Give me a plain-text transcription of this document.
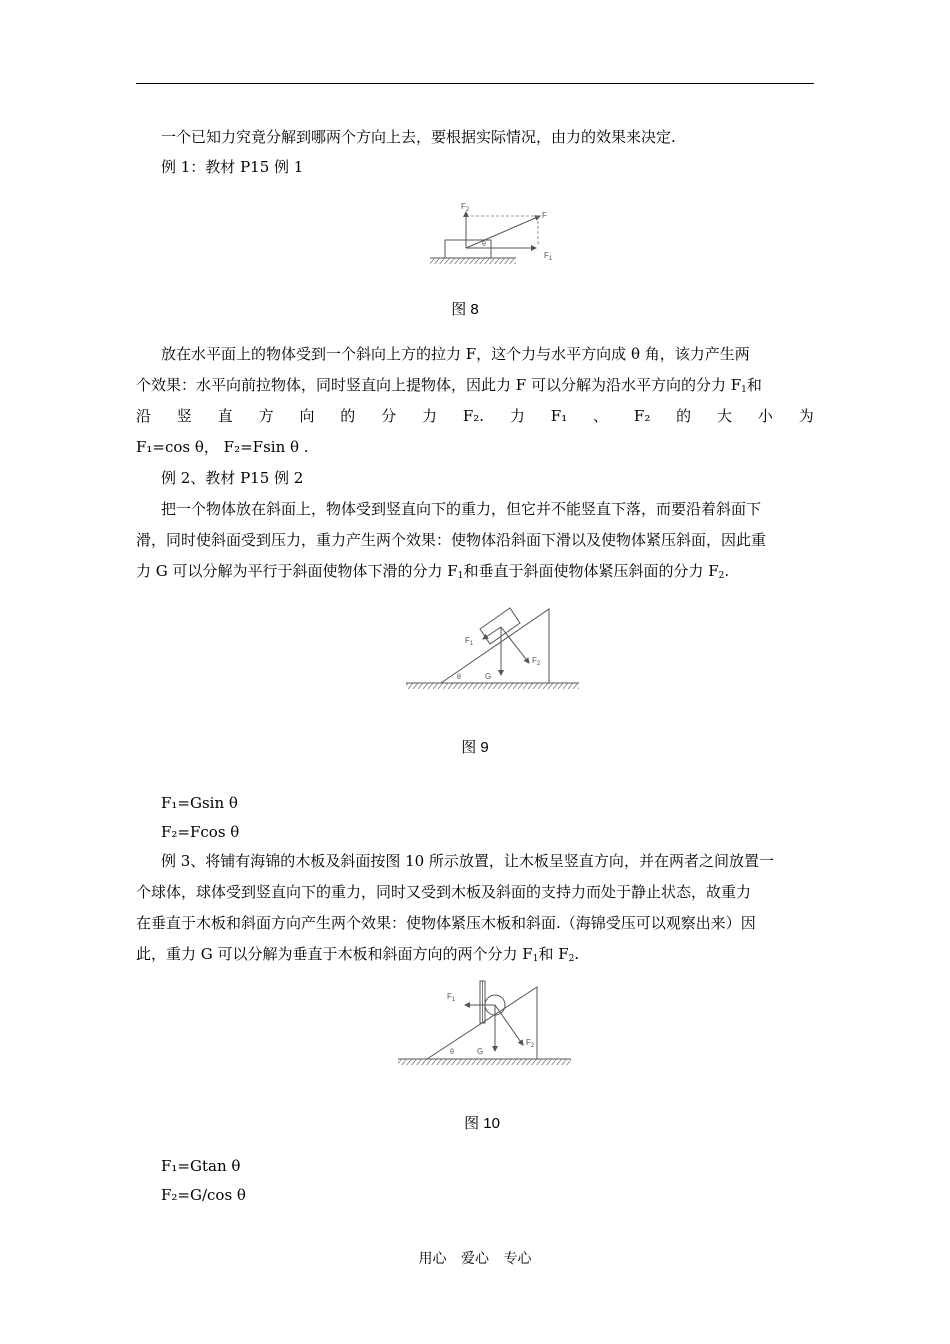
一个已知力究竟分解到哪两个方向上去，要根据实际情况，由力的效果来决定.
例 1：教材 P15 例 1
$F_2$
F
$F_1$
θ
图 8
放在水平面上的物体受到一个斜向上方的拉力 F，这个力与水平方向成 θ 角，该力产生两
个效果：水平向前拉物体，同时竖直向上提物体，因此力 F 可以分解为沿水平方向的分力 $F_1$和
沿 竖 直 方 向 的 分 力 F₂. 力 F₁ 、 F₂ 的 大 小 为
F₁=cos θ， F₂=Fsin θ .
例 2、教材 P15 例 2
把一个物体放在斜面上，物体受到竖直向下的重力，但它并不能竖直下落，而要沿着斜面下
滑，同时使斜面受到压力，重力产生两个效果：使物体沿斜面下滑以及使物体紧压斜面，因此重
力 G 可以分解为平行于斜面使物体下滑的分力 $F_1$和垂直于斜面使物体紧压斜面的分力 $F_2$.
$F_1$
$F_2$
G
θ
图 9
F₁=Gsin θ
F₂=Fcos θ
例 3、将铺有海锦的木板及斜面按图 10 所示放置，让木板呈竖直方向，并在两者之间放置一
个球体，球体受到竖直向下的重力，同时又受到木板及斜面的支持力而处于静止状态，故重力
在垂直于木板和斜面方向产生两个效果：使物体紧压木板和斜面.（海锦受压可以观察出来）因
此，重力 G 可以分解为垂直于木板和斜面方向的两个分力 $F_1$和 $F_2$.
$F_1$
$F_2$
G
θ
图 10
F₁=Gtan θ
F₂=G/cos θ
用心 爱心 专心
